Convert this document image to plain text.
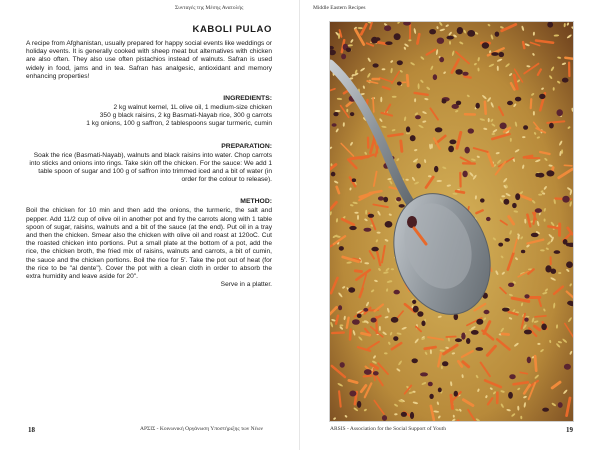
Συνταγές της Μέσης Ανατολής
KABOLI PULAO

A recipe from Afghanistan, usually prepared for happy social events like weddings or holiday events. It is generally cooked with sheep meat but alternatives with chicken are also often. They also use often pistachios instead of walnuts. Safran is used widely in food, jams and in tea. Safran has analgesic, antioxidant and memory enhancing properties!

INGREDIENTS:
2 kg walnut kernel, 1L olive oil, 1 medium-size chicken
350 g black raisins, 2 kg Basmati-Nayab rice, 300 g carrots
1 kg onions, 100 g saffron, 2 tablespoons sugar turmeric, cumin
PREPARATION:

Soak the rice (Basmati-Nayab), walnuts and black raisins into water. Chop carrots into sticks and onions into rings. Take skin off the chicken. For the sauce: We add 1 table spoon of sugar and 100 g of saffron into trimmed iced and a bit of water (in order for the colour to release).

METHOD:

Boil the chicken for 10 min and then add the onions, the turmeric, the salt and pepper. Add 11/2 cup of olive oil in another pot and fry the carrots along with 1 table spoon of sugar, raisins, walnuts and a bit of the sauce (at the end). Put oil in a tray and then the chicken. Smear also the chicken with olive oil and roast at 120oC. Cut the roasted chicken into portions. Put a small plate at the bottom of a pot, add the rice, the chicken broth, the fried mix of raisins, walnuts and carrots, a bit of cumin, the sauce and the chicken portions. Boil the rice for 5'. Take the pot out of heat (for the rice to be "al dente"). Cover the pot with a clean cloth in order to absorb the extra humidity and leave aside for 20".

Serve in a platter.
18	ΑΡΣΙΣ - Κοινωνική Οργάνωση Υποστήριξης των Νέων
Middle Eastern Recipes
ARSIS - Association for the Social Support of Youth	19
